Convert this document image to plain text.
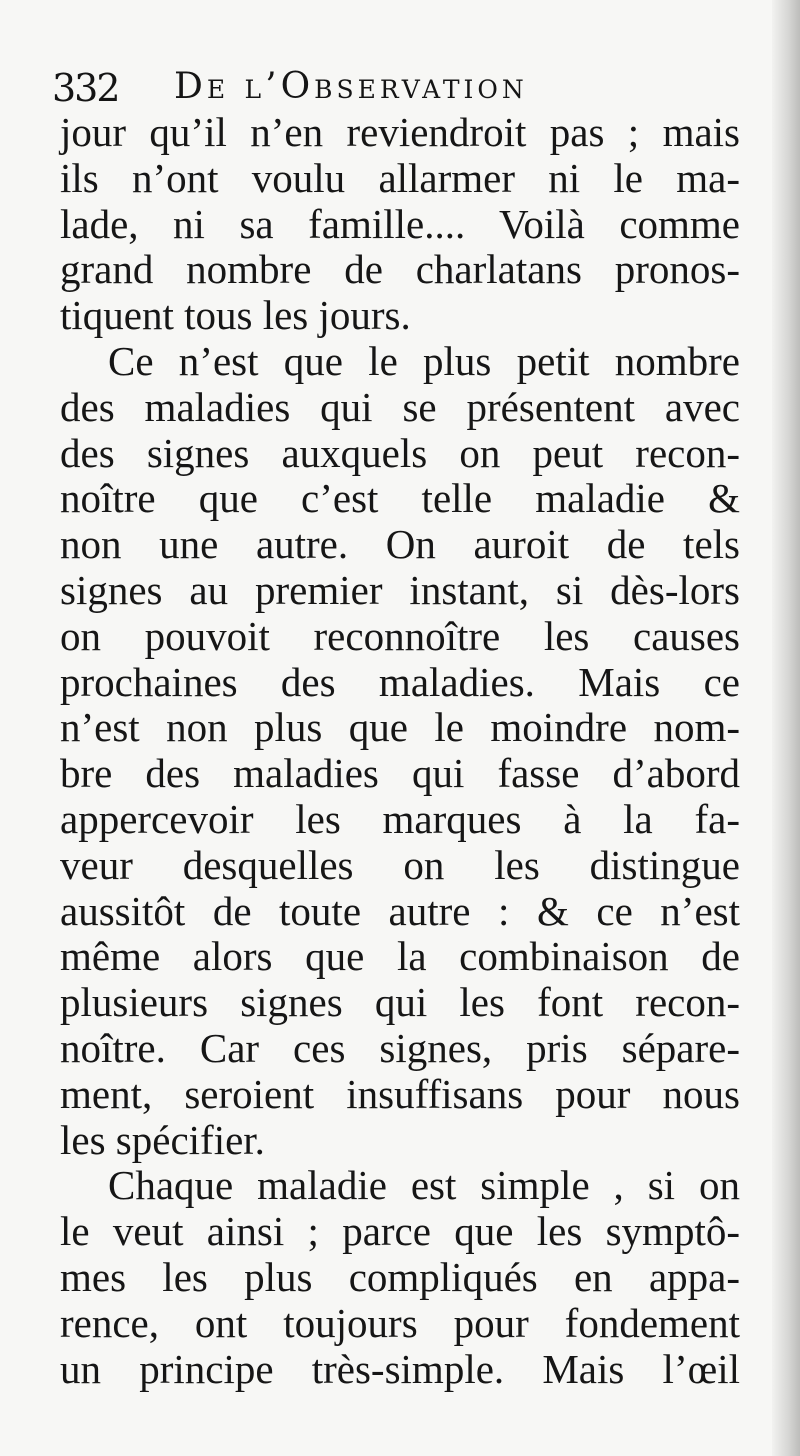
332 De l’Observation
jour qu’il n’en reviendroit pas ; mais
ils n’ont voulu allarmer ni le ma-
lade, ni sa famille.... Voilà comme
grand nombre de charlatans pronos-
tiquent tous les jours.
Ce n’est que le plus petit nombre
des maladies qui se présentent avec
des signes auxquels on peut recon-
noître que c’est telle maladie &
non une autre. On auroit de tels
signes au premier instant, si dès-lors
on pouvoit reconnoître les causes
prochaines des maladies. Mais ce
n’est non plus que le moindre nom-
bre des maladies qui fasse d’abord
appercevoir les marques à la fa-
veur desquelles on les distingue
aussitôt de toute autre : & ce n’est
même alors que la combinaison de
plusieurs signes qui les font recon-
noître. Car ces signes, pris sépare-
ment, seroient insuffisans pour nous
les spécifier.
Chaque maladie est simple , si on
le veut ainsi ; parce que les symptô-
mes les plus compliqués en appa-
rence, ont toujours pour fondement
un principe très-simple. Mais l’œil
